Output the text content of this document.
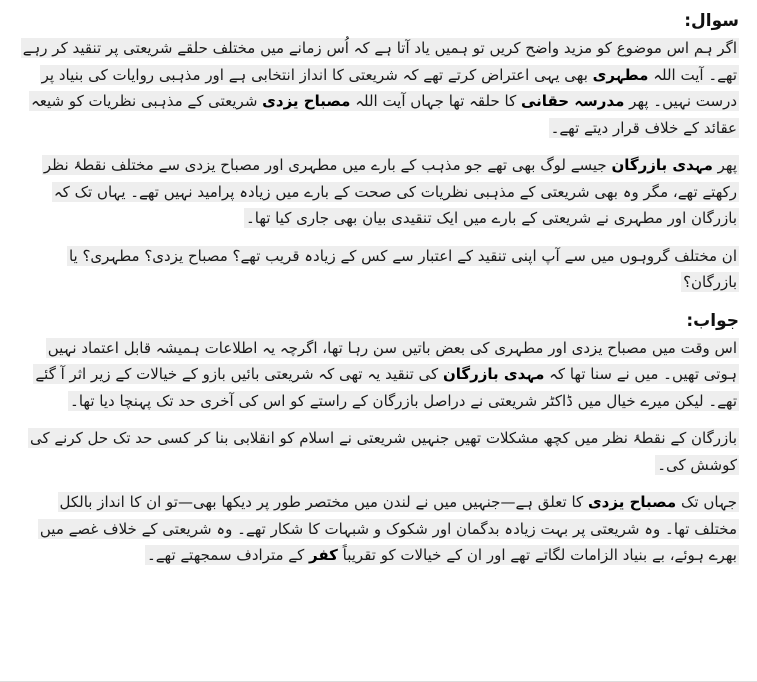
سوال:

اگر ہم اس موضوع کو مزید واضح کریں تو ہمیں یاد آتا ہے کہ اُس زمانے میں مختلف حلقے شریعتی پر تنقید کر رہے تھے۔ آیت اللہ مطہری بھی یہی اعتراض کرتے تھے کہ شریعتی کا انداز انتخابی ہے اور مذہبی روایات کی بنیاد پر درست نہیں۔ پھر مدرسہ حقانی کا حلقہ تھا جہاں آیت اللہ مصباح یزدی شریعتی کے مذہبی نظریات کو شیعہ عقائد کے خلاف قرار دیتے تھے۔

پھر مہدی بازرگان جیسے لوگ بھی تھے جو مذہب کے بارے میں مطہری اور مصباح یزدی سے مختلف نقطۂ نظر رکھتے تھے، مگر وہ بھی شریعتی کے مذہبی نظریات کی صحت کے بارے میں زیادہ پرامید نہیں تھے۔ یہاں تک کہ بازرگان اور مطہری نے شریعتی کے بارے میں ایک تنقیدی بیان بھی جاری کیا تھا۔

ان مختلف گروہوں میں سے آپ اپنی تنقید کے اعتبار سے کس کے زیادہ قریب تھے؟ مصباح یزدی؟ مطہری؟ یا بازرگان؟

جواب:

اس وقت میں مصباح یزدی اور مطہری کی بعض باتیں سن رہا تھا، اگرچہ یہ اطلاعات ہمیشہ قابل اعتماد نہیں ہوتی تھیں۔ میں نے سنا تھا کہ مہدی بازرگان کی تنقید یہ تھی کہ شریعتی بائیں بازو کے خیالات کے زیر اثر آ گئے تھے۔ لیکن میرے خیال میں ڈاکٹر شریعتی نے دراصل بازرگان کے راستے کو اس کی آخری حد تک پہنچا دیا تھا۔

بازرگان کے نقطۂ نظر میں کچھ مشکلات تھیں جنہیں شریعتی نے اسلام کو انقلابی بنا کر کسی حد تک حل کرنے کی کوشش کی۔

جہاں تک مصباح یزدی کا تعلق ہے—جنہیں میں نے لندن میں مختصر طور پر دیکھا بھی—تو ان کا انداز بالکل مختلف تھا۔ وہ شریعتی پر بہت زیادہ بدگمان اور شکوک و شبہات کا شکار تھے۔ وہ شریعتی کے خلاف غصے میں بھرے ہوئے، بے بنیاد الزامات لگاتے تھے اور ان کے خیالات کو تقریباً کفر کے مترادف سمجھتے تھے۔
